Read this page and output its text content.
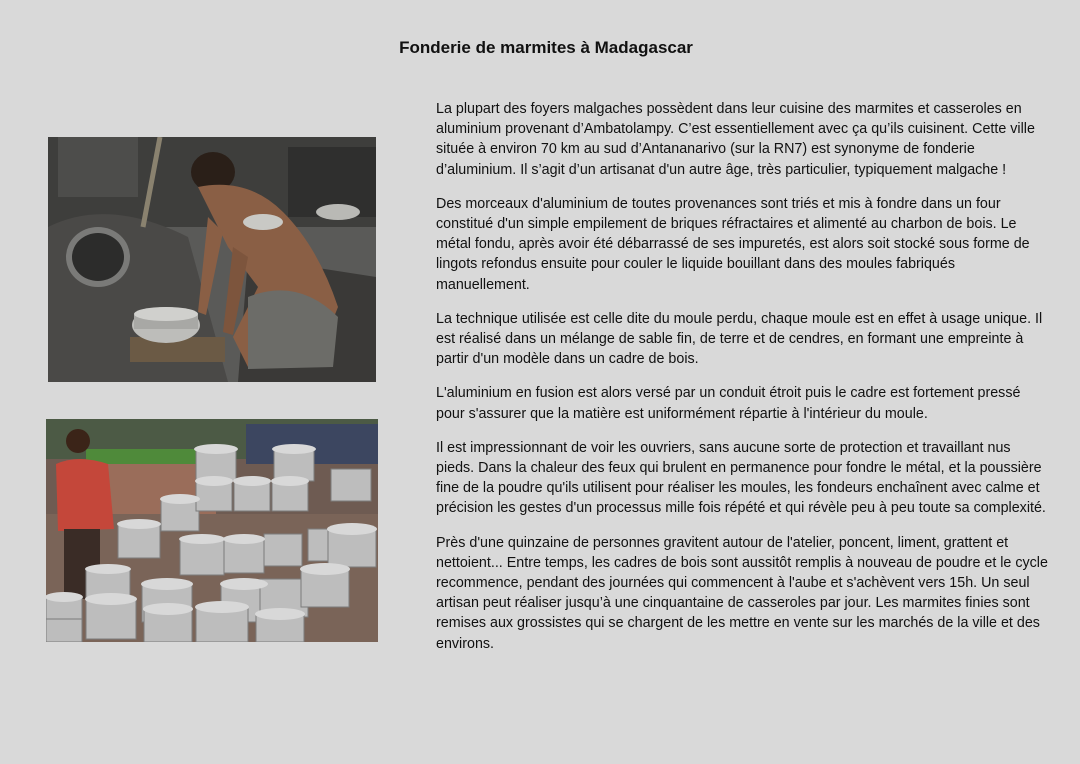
Fonderie de marmites à Madagascar

La plupart des foyers malgaches possèdent dans leur cuisine des marmites et casseroles en aluminium provenant d’Ambatolampy. C’est essentiellement avec ça qu’ils cuisinent. Cette ville située à environ 70 km au sud d’Antananarivo (sur la RN7) est synonyme de fonderie d’aluminium. Il s’agit d’un artisanat d'un autre âge, très particulier, typiquement malgache !

Des morceaux d'aluminium de toutes provenances sont triés et mis à fondre dans un four constitué d'un simple empilement de briques réfractaires et alimenté au charbon de bois. Le métal fondu, après avoir été débarrassé de ses impuretés, est alors soit stocké sous forme de lingots refondus ensuite pour couler le liquide bouillant dans des moules fabriqués manuellement.

La technique utilisée est celle dite du moule perdu, chaque moule est en effet à usage unique. Il est réalisé dans un mélange de sable fin, de terre et de cendres, en formant une empreinte à partir d'un modèle dans un cadre de bois.

L'aluminium en fusion est alors versé par un conduit étroit puis le cadre est fortement pressé pour s'assurer que la matière est uniformément répartie à l'intérieur du moule.

Il est impressionnant de voir les ouvriers, sans aucune sorte de protection et travaillant nus pieds. Dans la chaleur des feux qui brulent en permanence pour fondre le métal, et la poussière fine de la poudre qu'ils utilisent pour réaliser les moules, les fondeurs enchaînent avec calme et précision les gestes d'un processus mille fois répété et qui révèle peu à peu toute sa complexité.

Près d'une quinzaine de personnes gravitent autour de l'atelier, poncent, liment, grattent et nettoient... Entre temps, les cadres de bois sont aussitôt remplis à nouveau de poudre et le cycle recommence, pendant des journées qui commencent à l'aube et s'achèvent vers 15h. Un seul artisan peut réaliser jusqu’à une cinquantaine de casseroles par jour. Les marmites finies sont remises aux grossistes qui se chargent de les mettre en vente sur les marchés de la ville et des environs.
